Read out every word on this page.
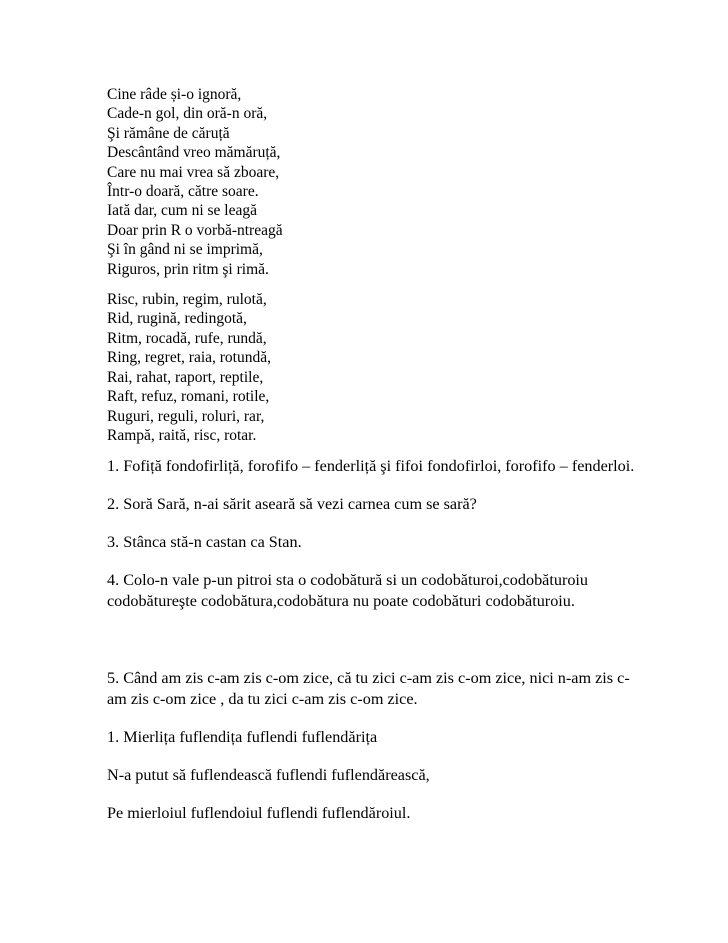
Cine râde și-o ignoră,
Cade-n gol, din oră-n oră,
Şi rămâne de căruță
Descântând vreo mămăruță,
Care nu mai vrea să zboare,
Într-o doară, către soare.
Iată dar, cum ni se leagă
Doar prin R o vorbă-ntreagă
Şi în gând ni se imprimă,
Riguros, prin ritm şi rimă.
Risc, rubin, regim, rulotă,
Rid, rugină, redingotă,
Ritm, rocadă, rufe, rundă,
Ring, regret, raia, rotundă,
Rai, rahat, raport, reptile,
Raft, refuz, romani, rotile,
Ruguri, reguli, roluri, rar,
Rampă, raită, risc, rotar.

1. Fofiță fondofirliță, forofifo – fenderliță şi fifoi fondofirloi, forofifo – fenderloi.

2. Soră Sară, n-ai sărit aseară să vezi carnea cum se sară?

3. Stânca stă-n castan ca Stan.

4. Colo-n vale p-un pitroi sta o codobătură si un codobăturoi,codobăturoiu codobătureşte codobătura,codobătura nu poate codobături codobăturoiu.

5. Când am zis c-am zis c-om zice, că tu zici c-am zis c-om zice, nici n-am zis c-am zis c-om zice , da tu zici c-am zis c-om zice.

1. Mierlița fuflendița fuflendi fuflendărița

N-a putut să fuflendească fuflendi fuflendărească,

Pe mierloiul fuflendoiul fuflendi fuflendăroiul.
